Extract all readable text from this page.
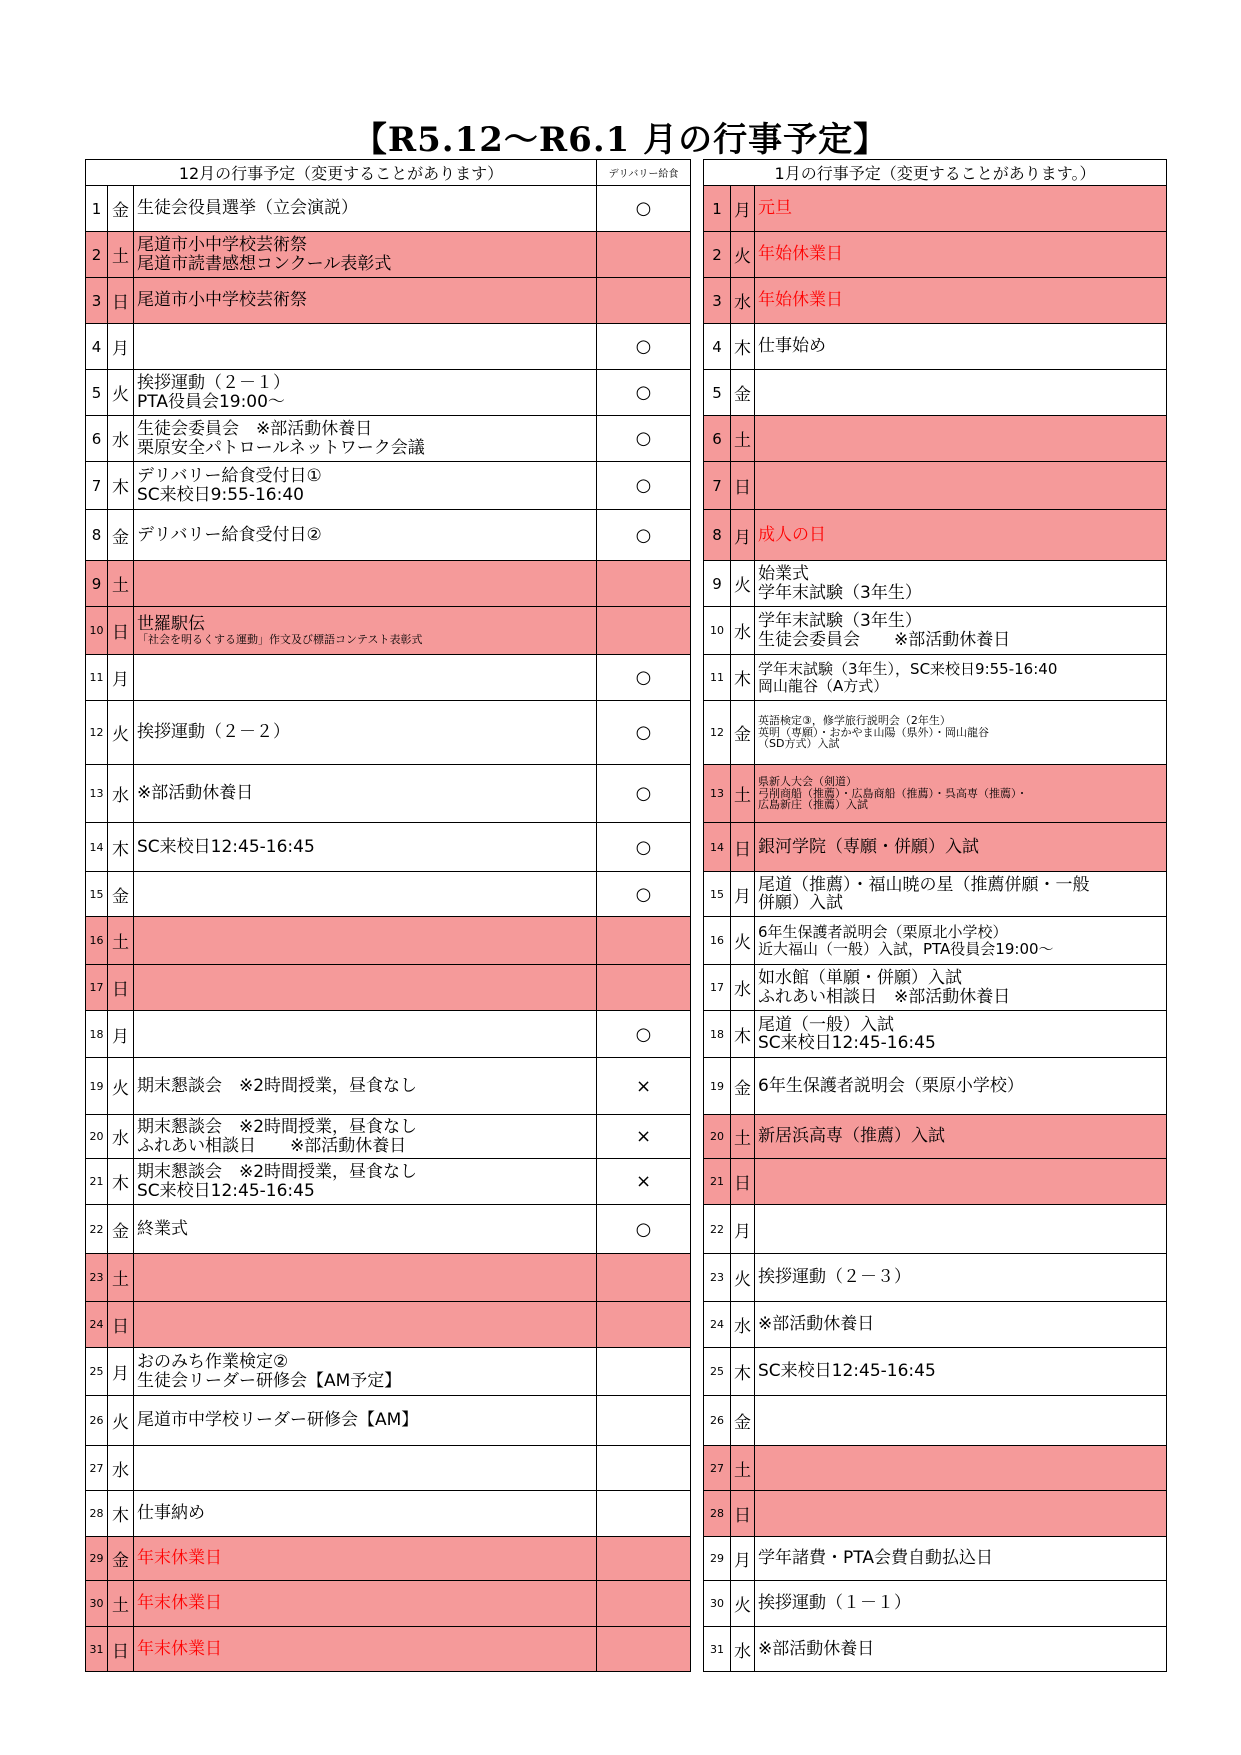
【R5.12～R6.1 月の行事予定】
12月の行事予定（変更することがあります）			デリバリー給食
1	金	生徒会役員選挙（立会演説）	○
2	土	尾道市小中学校芸術祭
尾道市読書感想コンクール表彰式	

3	日	尾道市小中学校芸術祭	

4	月		○
5	火	挨拶運動（２－１）
PTA役員会19:00～	○
6	水	生徒会委員会　※部活動休養日
栗原安全パトロールネットワーク会議	○
7	木	デリバリー給食受付日①
SC来校日9:55-16:40	○
8	金	デリバリー給食受付日②	○
9	土		
10	日	世羅駅伝
「社会を明るくする運動」作文及び標語コンテスト表彰式	

11	月		○
12	火	挨拶運動（２－２）	○
13	水	※部活動休養日	○
14	木	SC来校日12:45-16:45	○
15	金		○
16	土		
17	日		
18	月		○
19	火	期末懇談会　※2時間授業，昼食なし	×
20	水	期末懇談会　※2時間授業，昼食なし
ふれあい相談日　　※部活動休養日	×
21	木	期末懇談会　※2時間授業，昼食なし
SC来校日12:45-16:45	×
22	金	終業式	○
23	土		
24	日		
25	月	おのみち作業検定②
生徒会リーダー研修会【AM予定】	

26	火	尾道市中学校リーダー研修会【AM】	

27	水		
28	木	仕事納め	

29	金	年末休業日	

30	土	年末休業日	

31	日	年末休業日	

1月の行事予定（変更することがあります。）		
1	月	元旦

2	火	年始休業日

3	水	年始休業日

4	木	仕事始め

5	金	
6	土	
7	日	
8	月	成人の日

9	火	始業式
学年末試験（3年生）

10	水	学年末試験（3年生）
生徒会委員会　　※部活動休養日

11	木	学年末試験（3年生），SC来校日9:55-16:40
岡山龍谷（A方式）

12	金	英語検定③，修学旅行説明会（2年生）
英明（専願）・おかやま山陽（県外）・岡山龍谷
（SD方式）入試

13	土	県新人大会（剣道）
弓削商船（推薦）・広島商船（推薦）・呉高専（推薦）・
広島新庄（推薦）入試

14	日	銀河学院（専願・併願）入試

15	月	尾道（推薦）・福山暁の星（推薦併願・一般
併願）入試

16	火	6年生保護者説明会（栗原北小学校）
近大福山（一般）入試，PTA役員会19:00～

17	水	如水館（単願・併願）入試
ふれあい相談日　※部活動休養日

18	木	尾道（一般）入試
SC来校日12:45-16:45

19	金	6年生保護者説明会（栗原小学校）

20	土	新居浜高専（推薦）入試

21	日	
22	月	
23	火	挨拶運動（２－３）

24	水	※部活動休養日

25	木	SC来校日12:45-16:45

26	金	
27	土	
28	日	
29	月	学年諸費・PTA会費自動払込日

30	火	挨拶運動（１－１）

31	水	※部活動休養日
